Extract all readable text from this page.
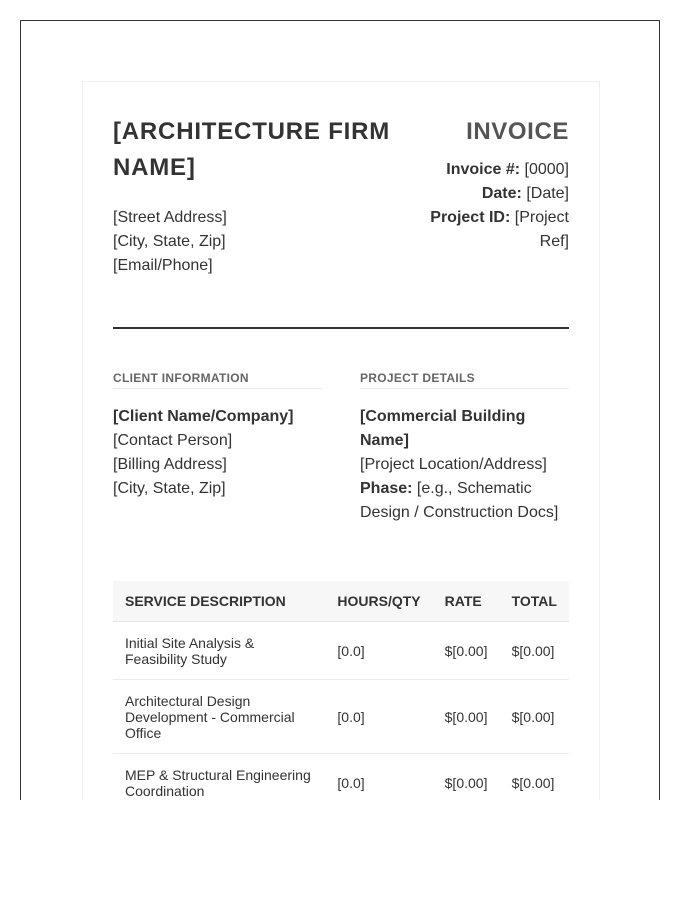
[ARCHITECTURE FIRM NAME]
[Street Address]
[City, State, Zip]
[Email/Phone]
INVOICE
Invoice #: [0000]
Date: [Date]
Project ID: [Project Ref]
CLIENT INFORMATION
[Client Name/Company]
[Contact Person]
[Billing Address]
[City, State, Zip]
PROJECT DETAILS
[Commercial Building Name]
[Project Location/Address]
Phase: [e.g., Schematic Design / Construction Docs]
SERVICE DESCRIPTION	HOURS/QTY	RATE	TOTAL
Initial Site Analysis & Feasibility Study	[0.0]	$[0.00]	$[0.00]
Architectural Design Development - Commercial Office	[0.0]	$[0.00]	$[0.00]
MEP & Structural Engineering Coordination	[0.0]	$[0.00]	$[0.00]
